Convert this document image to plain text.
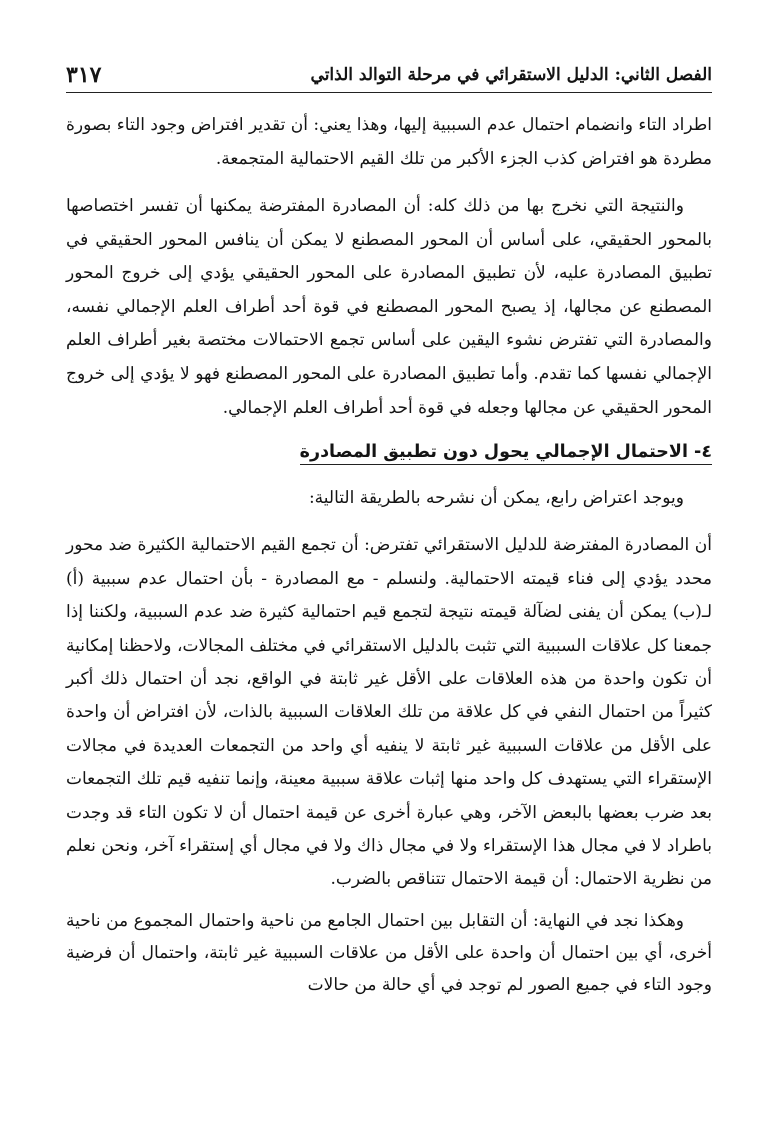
الفصل الثاني: الدليل الاستقرائي في مرحلة التوالد الذاتي
٣١٧

اطراد التاء وانضمام احتمال عدم السببية إليها، وهذا يعني: أن تقدير افتراض وجود التاء بصورة مطردة هو افتراض كذب الجزء الأكبر من تلك القيم الاحتمالية المتجمعة.

والنتيجة التي نخرج بها من ذلك كله: أن المصادرة المفترضة يمكنها أن تفسر اختصاصها بالمحور الحقيقي، على أساس أن المحور المصطنع لا يمكن أن ينافس المحور الحقيقي في تطبيق المصادرة عليه، لأن تطبيق المصادرة على المحور الحقيقي يؤدي إلى خروج المحور المصطنع عن مجالها، إذ يصبح المحور المصطنع في قوة أحد أطراف العلم الإجمالي نفسه، والمصادرة التي تفترض نشوء اليقين على أساس تجمع الاحتمالات مختصة بغير أطراف العلم الإجمالي نفسها كما تقدم. وأما تطبيق المصادرة على المحور المصطنع فهو لا يؤدي إلى خروج المحور الحقيقي عن مجالها وجعله في قوة أحد أطراف العلم الإجمالي.

٤- الاحتمال الإجمالي يحول دون تطبيق المصادرة

ويوجد اعتراض رابع، يمكن أن نشرحه بالطريقة التالية:

أن المصادرة المفترضة للدليل الاستقرائي تفترض: أن تجمع القيم الاحتمالية الكثيرة ضد محور محدد يؤدي إلى فناء قيمته الاحتمالية. ولنسلم - مع المصادرة - بأن احتمال عدم سببية (أ) لـ(ب) يمكن أن يفنى لضآلة قيمته نتيجة لتجمع قيم احتمالية كثيرة ضد عدم السببية، ولكننا إذا جمعنا كل علاقات السببية التي تثبت بالدليل الاستقرائي في مختلف المجالات، ولاحظنا إمكانية أن تكون واحدة من هذه العلاقات على الأقل غير ثابتة في الواقع، نجد أن احتمال ذلك أكبر كثيراً من احتمال النفي في كل علاقة من تلك العلاقات السببية بالذات، لأن افتراض أن واحدة على الأقل من علاقات السببية غير ثابتة لا ينفيه أي واحد من التجمعات العديدة في مجالات الإستقراء التي يستهدف كل واحد منها إثبات علاقة سببية معينة، وإنما تنفيه قيم تلك التجمعات بعد ضرب بعضها بالبعض الآخر، وهي عبارة أخرى عن قيمة احتمال أن لا تكون التاء قد وجدت باطراد لا في مجال هذا الإستقراء ولا في مجال ذاك ولا في مجال أي إستقراء آخر، ونحن نعلم من نظرية الاحتمال: أن قيمة الاحتمال تتناقص بالضرب.

وهكذا نجد في النهاية: أن التقابل بين احتمال الجامع من ناحية واحتمال المجموع من ناحية أخرى، أي بين احتمال أن واحدة على الأقل من علاقات السببية غير ثابتة، واحتمال أن فرضية وجود التاء في جميع الصور لم توجد في أي حالة من حالات
